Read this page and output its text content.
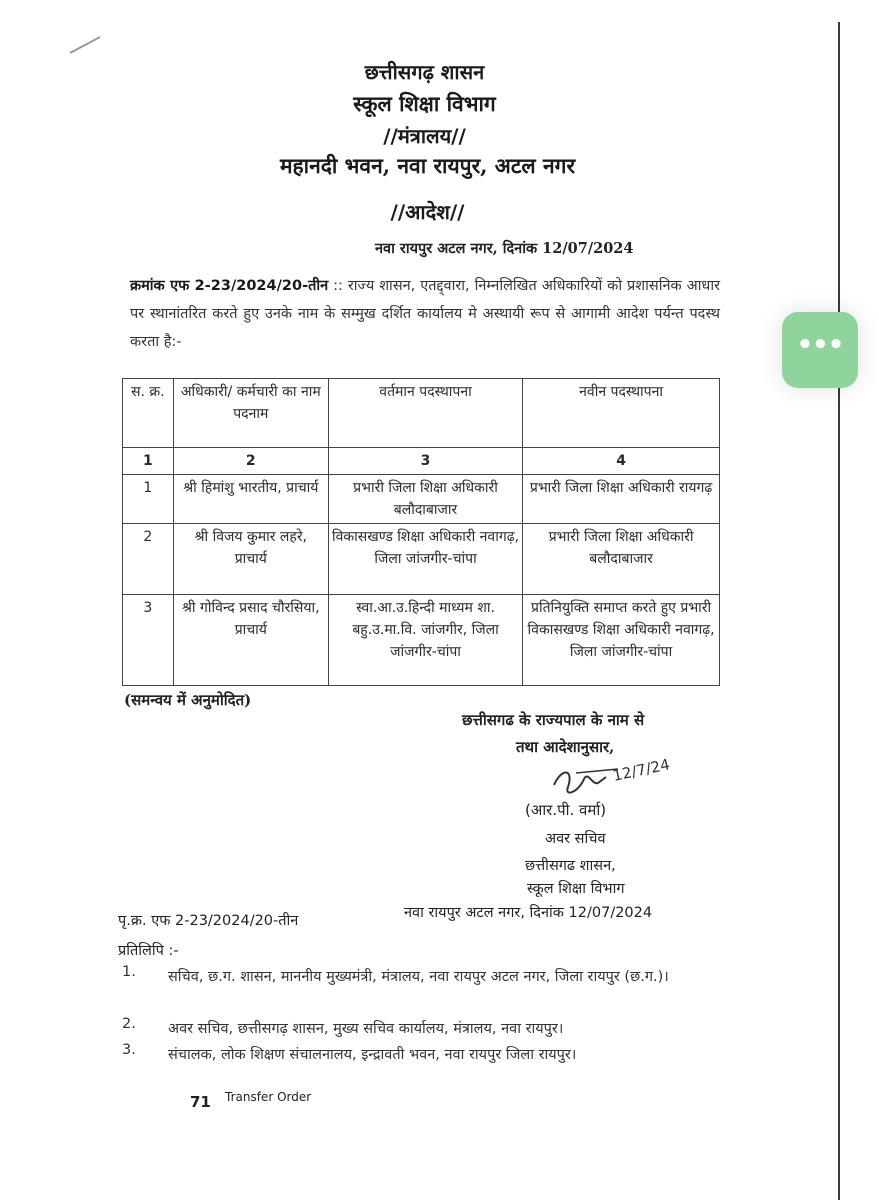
छत्तीसगढ़ शासन
स्कूल शिक्षा विभाग
//मंत्रालय//
महानदी भवन, नवा रायपुर, अटल नगर
//आदेश//
नवा रायपुर अटल नगर, दिनांक 12/07/2024
क्रमांक एफ 2-23/2024/20-तीन :: राज्य शासन, एतद्द्वारा, निम्नलिखित अधिकारियों को प्रशासनिक आधार पर स्थानांतरित करते हुए उनके नाम के सम्मुख दर्शित कार्यालय मे अस्थायी रूप से आगामी आदेश पर्यन्त पदस्थ करता है:-
स. क्र.	अधिकारी/ कर्मचारी का नाम पदनाम	वर्तमान पदस्थापना	नवीन पदस्थापना
1	2	3	4
1	श्री हिमांशु भारतीय, प्राचार्य	प्रभारी जिला शिक्षा अधिकारी बलौदाबाजार	प्रभारी जिला शिक्षा अधिकारी रायगढ़
2	श्री विजय कुमार लहरे, प्राचार्य	विकासखण्ड शिक्षा अधिकारी नवागढ़, जिला जांजगीर-चांपा	प्रभारी जिला शिक्षा अधिकारी बलौदाबाजार
3	श्री गोविन्द प्रसाद चौरसिया, प्राचार्य	स्वा.आ.उ.हिन्दी माध्यम शा. बहु.उ.मा.वि. जांजगीर, जिला जांजगीर-चांपा	प्रतिनियुक्ति समाप्त करते हुए प्रभारी विकासखण्ड शिक्षा अधिकारी नवागढ़, जिला जांजगीर-चांपा
(समन्वय में अनुमोदित)
छत्तीसगढ के राज्यपाल के नाम से
तथा आदेशानुसार,
12/7/24
(आर.पी. वर्मा)
अवर सचिव
छत्तीसगढ शासन,
स्कूल शिक्षा विभाग
पृ.क्र. एफ 2-23/2024/20-तीन	नवा रायपुर अटल नगर, दिनांक 12/07/2024
प्रतिलिपि :-
1. सचिव, छ.ग. शासन, माननीय मुख्यमंत्री, मंत्रालय, नवा रायपुर अटल नगर, जिला रायपुर (छ.ग.)।
2. अवर सचिव, छत्तीसगढ़ शासन, मुख्य सचिव कार्यालय, मंत्रालय, नवा रायपुर।
3. संचालक, लोक शिक्षण संचालनालय, इन्द्रावती भवन, नवा रायपुर जिला रायपुर।
71 Transfer Order
•••
